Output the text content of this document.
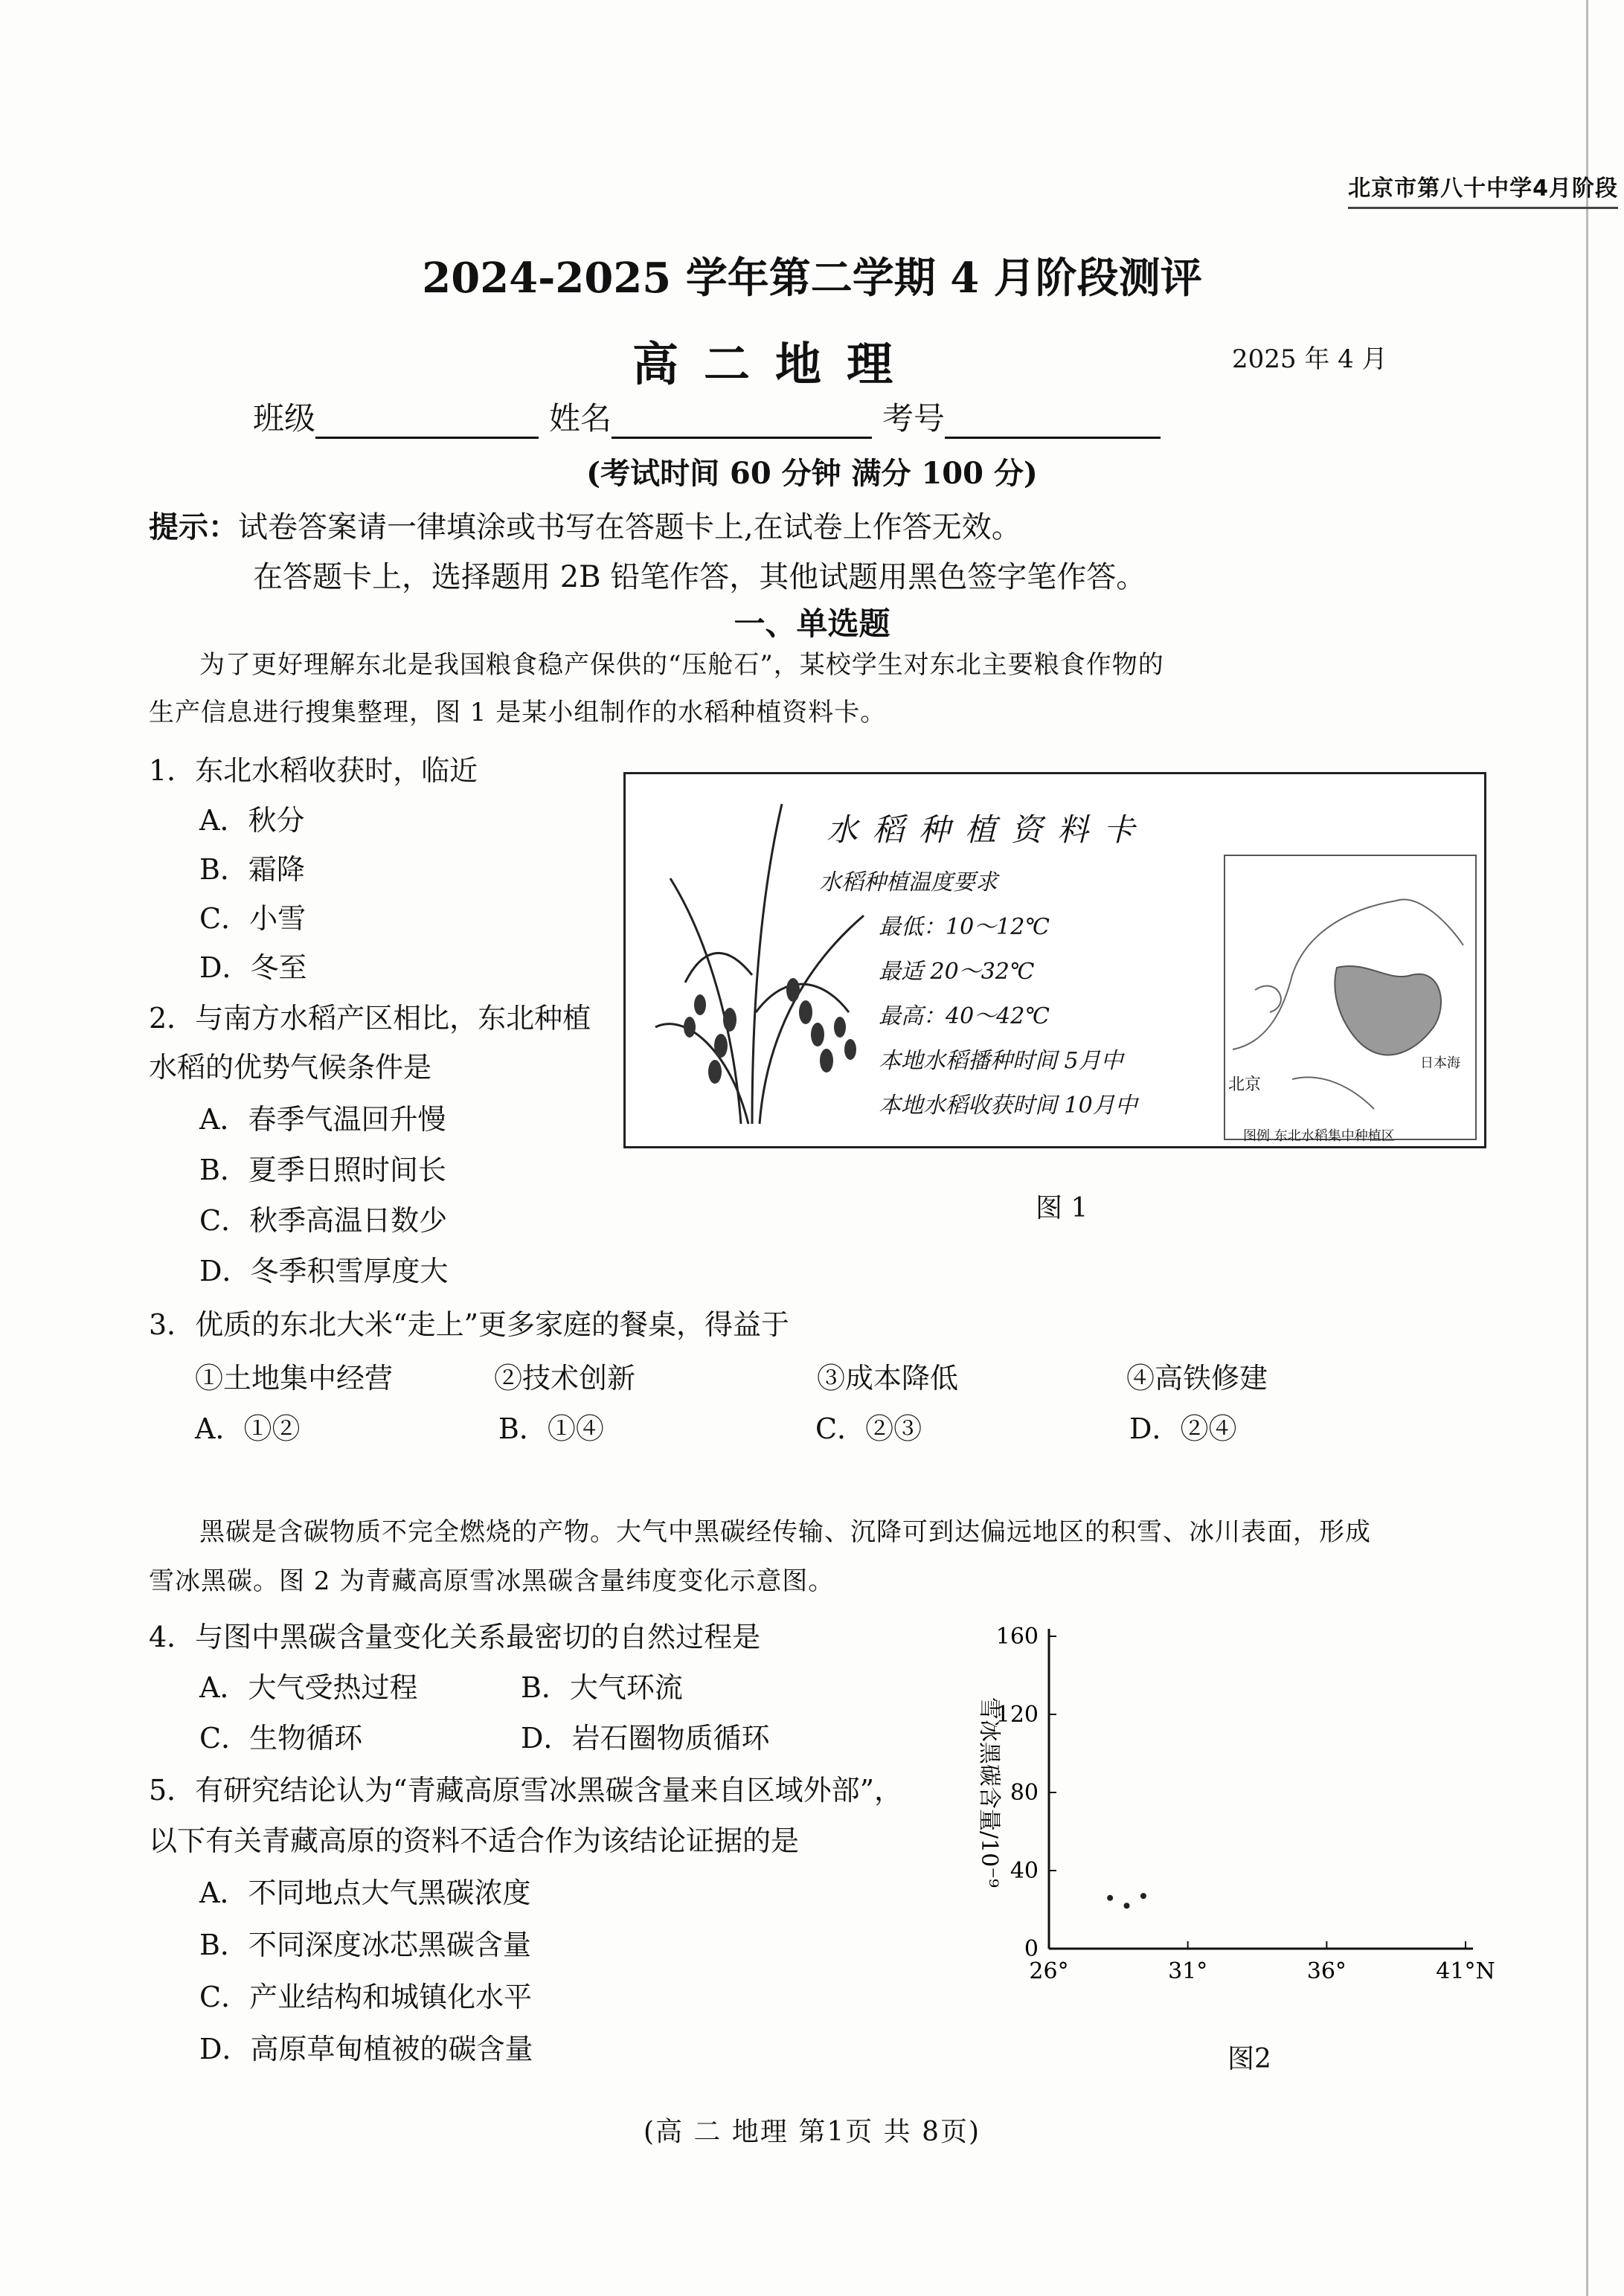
北京市第八十中学4月阶段
2024-2025 学年第二学期 4 月阶段测评
高二地理	2025 年 4 月
班级	姓名	考号
(考试时间 60 分钟 满分 100 分)
提示：试卷答案请一律填涂或书写在答题卡上,在试卷上作答无效。
在答题卡上，选择题用 2B 铅笔作答，其他试题用黑色签字笔作答。
一、单选题
为了更好理解东北是我国粮食稳产保供的“压舱石”，某校学生对东北主要粮食作物的
生产信息进行搜集整理，图 1 是某小组制作的水稻种植资料卡。
1．东北水稻收获时，临近
A．秋分
B．霜降
C．小雪
D．冬至
2．与南方水稻产区相比，东北种植
水稻的优势气候条件是
A．春季气温回升慢
B．夏季日照时间长
C．秋季高温日数少
D．冬季积雪厚度大
水稻种植资料卡
水稻种植温度要求
最低：10～12℃
最适 20～32℃
最高：40～42℃
本地水稻播种时间 5月中
本地水稻收获时间 10月中
北京
日本海
图例 东北水稻集中种植区
图 1
3．优质的东北大米“走上”更多家庭的餐桌，得益于
①土地集中经营	②技术创新	③成本降低	④高铁修建
A．①②	B．①④	C．②③	D．②④
黑碳是含碳物质不完全燃烧的产物。大气中黑碳经传输、沉降可到达偏远地区的积雪、冰川表面，形成
雪冰黑碳。图 2 为青藏高原雪冰黑碳含量纬度变化示意图。
4．与图中黑碳含量变化关系最密切的自然过程是
A．大气受热过程	B．大气环流
C．生物循环	D．岩石圈物质循环
5．有研究结论认为“青藏高原雪冰黑碳含量来自区域外部”，
以下有关青藏高原的资料不适合作为该结论证据的是
A．不同地点大气黑碳浓度
B．不同深度冰芯黑碳含量
C．产业结构和城镇化水平
D．高原草甸植被的碳含量
0
40
80
120
160
26°	31°	36°	41°N
雪冰黑碳含量/10⁻⁹
图2
(高 二 地理 第1页 共 8页)
